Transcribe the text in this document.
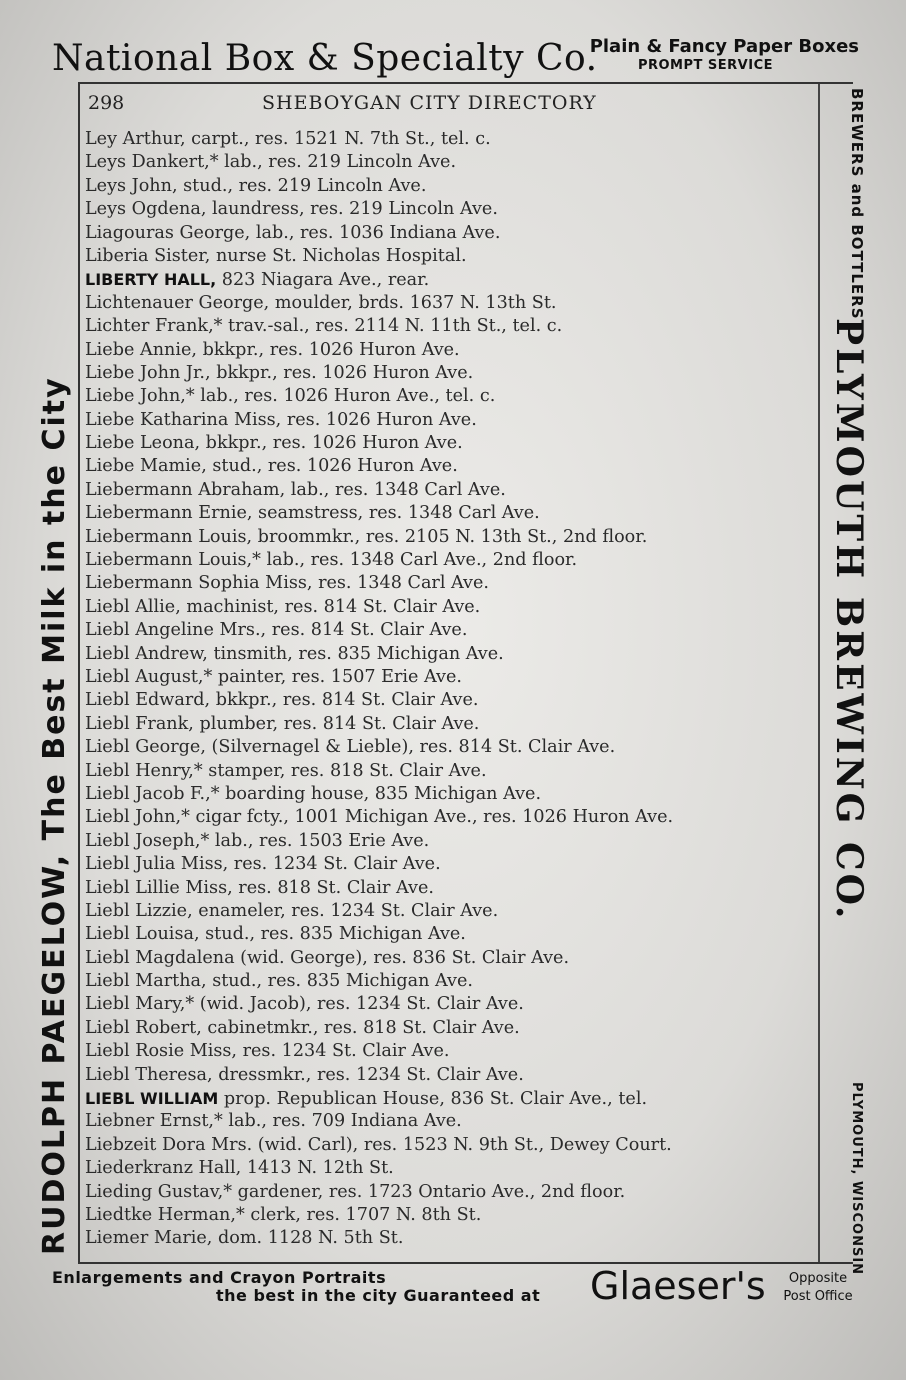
National Box & Specialty Co.
Plain & Fancy Paper Boxes
PROMPT SERVICE
RUDOLPH PAEGELOW, The Best Milk in the City
BREWERS and BOTTLERS
PLYMOUTH BREWING CO.
PLYMOUTH, WISCONSIN
298	SHEBOYGAN CITY DIRECTORY
Ley Arthur, carpt., res. 1521 N. 7th St., tel. c.
Leys Dankert,* lab., res. 219 Lincoln Ave.
Leys John, stud., res. 219 Lincoln Ave.
Leys Ogdena, laundress, res. 219 Lincoln Ave.
Liagouras George, lab., res. 1036 Indiana Ave.
Liberia Sister, nurse St. Nicholas Hospital.
LIBERTY HALL, 823 Niagara Ave., rear.
Lichtenauer George, moulder, brds. 1637 N. 13th St.
Lichter Frank,* trav.-sal., res. 2114 N. 11th St., tel. c.
Liebe Annie, bkkpr., res. 1026 Huron Ave.
Liebe John Jr., bkkpr., res. 1026 Huron Ave.
Liebe John,* lab., res. 1026 Huron Ave., tel. c.
Liebe Katharina Miss, res. 1026 Huron Ave.
Liebe Leona, bkkpr., res. 1026 Huron Ave.
Liebe Mamie, stud., res. 1026 Huron Ave.
Liebermann Abraham, lab., res. 1348 Carl Ave.
Liebermann Ernie, seamstress, res. 1348 Carl Ave.
Liebermann Louis, broommkr., res. 2105 N. 13th St., 2nd floor.
Liebermann Louis,* lab., res. 1348 Carl Ave., 2nd floor.
Liebermann Sophia Miss, res. 1348 Carl Ave.
Liebl Allie, machinist, res. 814 St. Clair Ave.
Liebl Angeline Mrs., res. 814 St. Clair Ave.
Liebl Andrew, tinsmith, res. 835 Michigan Ave.
Liebl August,* painter, res. 1507 Erie Ave.
Liebl Edward, bkkpr., res. 814 St. Clair Ave.
Liebl Frank, plumber, res. 814 St. Clair Ave.
Liebl George, (Silvernagel & Lieble), res. 814 St. Clair Ave.
Liebl Henry,* stamper, res. 818 St. Clair Ave.
Liebl Jacob F.,* boarding house, 835 Michigan Ave.
Liebl John,* cigar fcty., 1001 Michigan Ave., res. 1026 Huron Ave.
Liebl Joseph,* lab., res. 1503 Erie Ave.
Liebl Julia Miss, res. 1234 St. Clair Ave.
Liebl Lillie Miss, res. 818 St. Clair Ave.
Liebl Lizzie, enameler, res. 1234 St. Clair Ave.
Liebl Louisa, stud., res. 835 Michigan Ave.
Liebl Magdalena (wid. George), res. 836 St. Clair Ave.
Liebl Martha, stud., res. 835 Michigan Ave.
Liebl Mary,* (wid. Jacob), res. 1234 St. Clair Ave.
Liebl Robert, cabinetmkr., res. 818 St. Clair Ave.
Liebl Rosie Miss, res. 1234 St. Clair Ave.
Liebl Theresa, dressmkr., res. 1234 St. Clair Ave.
LIEBL WILLIAM prop. Republican House, 836 St. Clair Ave., tel.
Liebner Ernst,* lab., res. 709 Indiana Ave.
Liebzeit Dora Mrs. (wid. Carl), res. 1523 N. 9th St., Dewey Court.
Liederkranz Hall, 1413 N. 12th St.
Lieding Gustav,* gardener, res. 1723 Ontario Ave., 2nd floor.
Liedtke Herman,* clerk, res. 1707 N. 8th St.
Liemer Marie, dom. 1128 N. 5th St.
Enlargements and Crayon Portraits
the best in the city Guaranteed at Glaeser's	Opposite
Post Office
